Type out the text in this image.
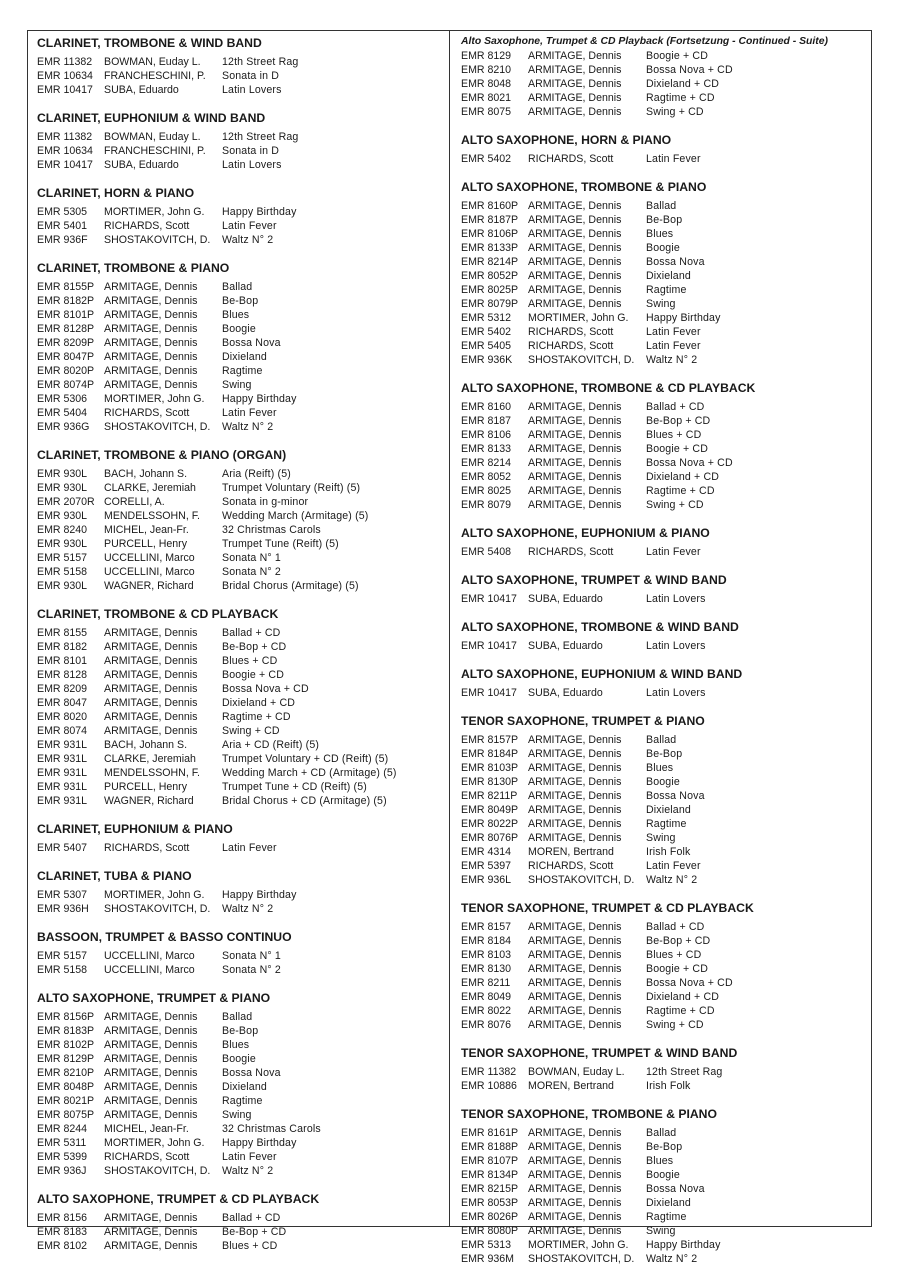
CLARINET, TROMBONE & WIND BAND
EMR 11382 BOWMAN, Euday L. 12th Street Rag
EMR 10634 FRANCHESCHINI, P. Sonata in D
EMR 10417 SUBA, Eduardo	Latin Lovers
CLARINET, EUPHONIUM & WIND BAND
EMR 11382 BOWMAN, Euday L. 12th Street Rag
EMR 10634 FRANCHESCHINI, P. Sonata in D
EMR 10417 SUBA, Eduardo	Latin Lovers
CLARINET, HORN & PIANO
EMR 5305 MORTIMER, John G. Happy Birthday
EMR 5401 RICHARDS, Scott	Latin Fever
EMR 936F SHOSTAKOVITCH, D. Waltz N° 2
CLARINET, TROMBONE & PIANO
EMR 8155P ARMITAGE, Dennis Ballad
EMR 8182P ARMITAGE, Dennis Be-Bop
EMR 8101P ARMITAGE, Dennis Blues
EMR 8128P ARMITAGE, Dennis Boogie
EMR 8209P ARMITAGE, Dennis Bossa Nova
EMR 8047P ARMITAGE, Dennis Dixieland
EMR 8020P ARMITAGE, Dennis Ragtime
EMR 8074P ARMITAGE, Dennis Swing
EMR 5306 MORTIMER, John G. Happy Birthday
EMR 5404 RICHARDS, Scott	Latin Fever
EMR 936G SHOSTAKOVITCH, D. Waltz N° 2
CLARINET, TROMBONE & PIANO (ORGAN)
EMR 930L BACH, Johann S.	Aria (Reift) (5)
EMR 930L CLARKE, Jeremiah Trumpet Voluntary (Reift) (5)
EMR 2070R CORELLI, A.	Sonata in g-minor
EMR 930L MENDELSSOHN, F. Wedding March (Armitage) (5)
EMR 8240 MICHEL, Jean-Fr.	32 Christmas Carols
EMR 930L PURCELL, Henry	Trumpet Tune (Reift) (5)
EMR 5157 UCCELLINI, Marco	Sonata N° 1
EMR 5158 UCCELLINI, Marco	Sonata N° 2
EMR 930L WAGNER, Richard	Bridal Chorus (Armitage) (5)
CLARINET, TROMBONE & CD PLAYBACK
EMR 8155 ARMITAGE, Dennis Ballad + CD
EMR 8182 ARMITAGE, Dennis Be-Bop + CD
EMR 8101 ARMITAGE, Dennis Blues + CD
EMR 8128 ARMITAGE, Dennis Boogie + CD
EMR 8209 ARMITAGE, Dennis Bossa Nova + CD
EMR 8047 ARMITAGE, Dennis Dixieland + CD
EMR 8020 ARMITAGE, Dennis Ragtime + CD
EMR 8074 ARMITAGE, Dennis Swing + CD
EMR 931L BACH, Johann S.	Aria + CD (Reift) (5)
EMR 931L CLARKE, Jeremiah Trumpet Voluntary + CD (Reift) (5)
EMR 931L MENDELSSOHN, F. Wedding March + CD (Armitage) (5)
EMR 931L PURCELL, Henry	Trumpet Tune + CD (Reift) (5)
EMR 931L WAGNER, Richard	Bridal Chorus + CD (Armitage) (5)
CLARINET, EUPHONIUM & PIANO
EMR 5407 RICHARDS, Scott	Latin Fever
CLARINET, TUBA & PIANO
EMR 5307 MORTIMER, John G. Happy Birthday
EMR 936H SHOSTAKOVITCH, D. Waltz N° 2
BASSOON, TRUMPET & BASSO CONTINUO
EMR 5157 UCCELLINI, Marco	Sonata N° 1
EMR 5158 UCCELLINI, Marco	Sonata N° 2
ALTO SAXOPHONE, TRUMPET & PIANO
EMR 8156P ARMITAGE, Dennis Ballad
EMR 8183P ARMITAGE, Dennis Be-Bop
EMR 8102P ARMITAGE, Dennis Blues
EMR 8129P ARMITAGE, Dennis Boogie
EMR 8210P ARMITAGE, Dennis Bossa Nova
EMR 8048P ARMITAGE, Dennis Dixieland
EMR 8021P ARMITAGE, Dennis Ragtime
EMR 8075P ARMITAGE, Dennis Swing
EMR 8244 MICHEL, Jean-Fr.	32 Christmas Carols
EMR 5311 MORTIMER, John G. Happy Birthday
EMR 5399 RICHARDS, Scott	Latin Fever
EMR 936J SHOSTAKOVITCH, D. Waltz N° 2
ALTO SAXOPHONE, TRUMPET & CD PLAYBACK
EMR 8156 ARMITAGE, Dennis Ballad + CD
EMR 8183 ARMITAGE, Dennis Be-Bop + CD
EMR 8102 ARMITAGE, Dennis Blues + CD
Alto Saxophone, Trumpet & CD Playback (Fortsetzung - Continued - Suite)
EMR 8129 ARMITAGE, Dennis Boogie + CD
EMR 8210 ARMITAGE, Dennis Bossa Nova + CD
EMR 8048 ARMITAGE, Dennis Dixieland + CD
EMR 8021 ARMITAGE, Dennis Ragtime + CD
EMR 8075 ARMITAGE, Dennis Swing + CD
ALTO SAXOPHONE, HORN & PIANO
EMR 5402 RICHARDS, Scott	Latin Fever
ALTO SAXOPHONE, TROMBONE & PIANO
EMR 8160P ARMITAGE, Dennis Ballad
EMR 8187P ARMITAGE, Dennis Be-Bop
EMR 8106P ARMITAGE, Dennis Blues
EMR 8133P ARMITAGE, Dennis Boogie
EMR 8214P ARMITAGE, Dennis Bossa Nova
EMR 8052P ARMITAGE, Dennis Dixieland
EMR 8025P ARMITAGE, Dennis Ragtime
EMR 8079P ARMITAGE, Dennis Swing
EMR 5312 MORTIMER, John G. Happy Birthday
EMR 5402 RICHARDS, Scott	Latin Fever
EMR 5405 RICHARDS, Scott	Latin Fever
EMR 936K SHOSTAKOVITCH, D. Waltz N° 2
ALTO SAXOPHONE, TROMBONE & CD PLAYBACK
EMR 8160 ARMITAGE, Dennis Ballad + CD
EMR 8187 ARMITAGE, Dennis Be-Bop + CD
EMR 8106 ARMITAGE, Dennis Blues + CD
EMR 8133 ARMITAGE, Dennis Boogie + CD
EMR 8214 ARMITAGE, Dennis Bossa Nova + CD
EMR 8052 ARMITAGE, Dennis Dixieland + CD
EMR 8025 ARMITAGE, Dennis Ragtime + CD
EMR 8079 ARMITAGE, Dennis Swing + CD
ALTO SAXOPHONE, EUPHONIUM & PIANO
EMR 5408 RICHARDS, Scott	Latin Fever
ALTO SAXOPHONE, TRUMPET & WIND BAND
EMR 10417 SUBA, Eduardo	Latin Lovers
ALTO SAXOPHONE, TROMBONE & WIND BAND
EMR 10417 SUBA, Eduardo	Latin Lovers
ALTO SAXOPHONE, EUPHONIUM & WIND BAND
EMR 10417 SUBA, Eduardo	Latin Lovers
TENOR SAXOPHONE, TRUMPET & PIANO
EMR 8157P ARMITAGE, Dennis Ballad
EMR 8184P ARMITAGE, Dennis Be-Bop
EMR 8103P ARMITAGE, Dennis Blues
EMR 8130P ARMITAGE, Dennis Boogie
EMR 8211P ARMITAGE, Dennis Bossa Nova
EMR 8049P ARMITAGE, Dennis Dixieland
EMR 8022P ARMITAGE, Dennis Ragtime
EMR 8076P ARMITAGE, Dennis Swing
EMR 4314 MOREN, Bertrand	Irish Folk
EMR 5397 RICHARDS, Scott	Latin Fever
EMR 936L SHOSTAKOVITCH, D. Waltz N° 2
TENOR SAXOPHONE, TRUMPET & CD PLAYBACK
EMR 8157 ARMITAGE, Dennis Ballad + CD
EMR 8184 ARMITAGE, Dennis Be-Bop + CD
EMR 8103 ARMITAGE, Dennis Blues + CD
EMR 8130 ARMITAGE, Dennis Boogie + CD
EMR 8211 ARMITAGE, Dennis Bossa Nova + CD
EMR 8049 ARMITAGE, Dennis Dixieland + CD
EMR 8022 ARMITAGE, Dennis Ragtime + CD
EMR 8076 ARMITAGE, Dennis Swing + CD
TENOR SAXOPHONE, TRUMPET & WIND BAND
EMR 11382 BOWMAN, Euday L. 12th Street Rag
EMR 10886 MOREN, Bertrand	Irish Folk
TENOR SAXOPHONE, TROMBONE & PIANO
EMR 8161P ARMITAGE, Dennis Ballad
EMR 8188P ARMITAGE, Dennis Be-Bop
EMR 8107P ARMITAGE, Dennis Blues
EMR 8134P ARMITAGE, Dennis Boogie
EMR 8215P ARMITAGE, Dennis Bossa Nova
EMR 8053P ARMITAGE, Dennis Dixieland
EMR 8026P ARMITAGE, Dennis Ragtime
EMR 8080P ARMITAGE, Dennis Swing
EMR 5313 MORTIMER, John G. Happy Birthday
EMR 936M SHOSTAKOVITCH, D. Waltz N° 2
